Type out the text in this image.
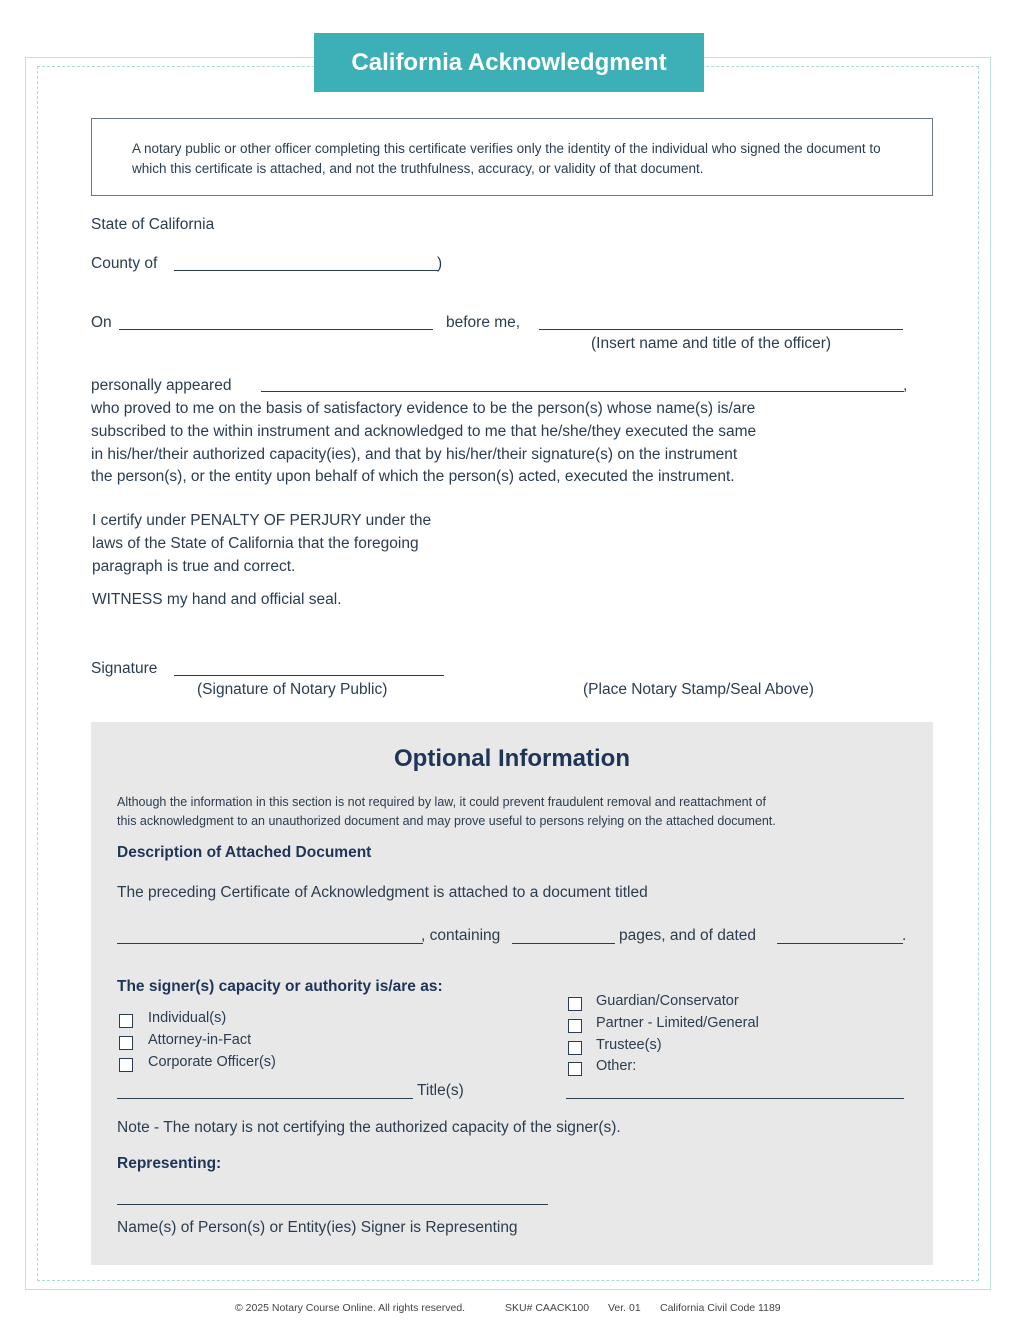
California Acknowledgment
A notary public or other officer completing this certificate verifies only the identity of the individual who signed the document to which this certificate is attached, and not the truthfulness, accuracy, or validity of that document.
State of California
County of	)
On	before me,
(Insert name and title of the officer)
personally appeared	,
who proved to me on the basis of satisfactory evidence to be the person(s) whose name(s) is/are
subscribed to the within instrument and acknowledged to me that he/she/they executed the same
in his/her/their authorized capacity(ies), and that by his/her/their signature(s) on the instrument
the person(s), or the entity upon behalf of which the person(s) acted, executed the instrument.
I certify under PENALTY OF PERJURY under the
laws of the State of California that the foregoing
paragraph is true and correct.
WITNESS my hand and official seal.
Signature
(Signature of Notary Public)	(Place Notary Stamp/Seal Above)
Optional Information
Although the information in this section is not required by law, it could prevent fraudulent removal and reattachment of
this acknowledgment to an unauthorized document and may prove useful to persons relying on the attached document.
Description of Attached Document
The preceding Certificate of Acknowledgment is attached to a document titled
, containing	pages, and of dated	.
The signer(s) capacity or authority is/are as:
Individual(s)
Attorney-in-Fact
Corporate Officer(s)
Title(s)
Guardian/Conservator
Partner - Limited/General
Trustee(s)
Other:
Note - The notary is not certifying the authorized capacity of the signer(s).
Representing:
Name(s) of Person(s) or Entity(ies) Signer is Representing
© 2025 Notary Course Online. All rights reserved.	SKU# CAACK100 Ver. 01 California Civil Code 1189
